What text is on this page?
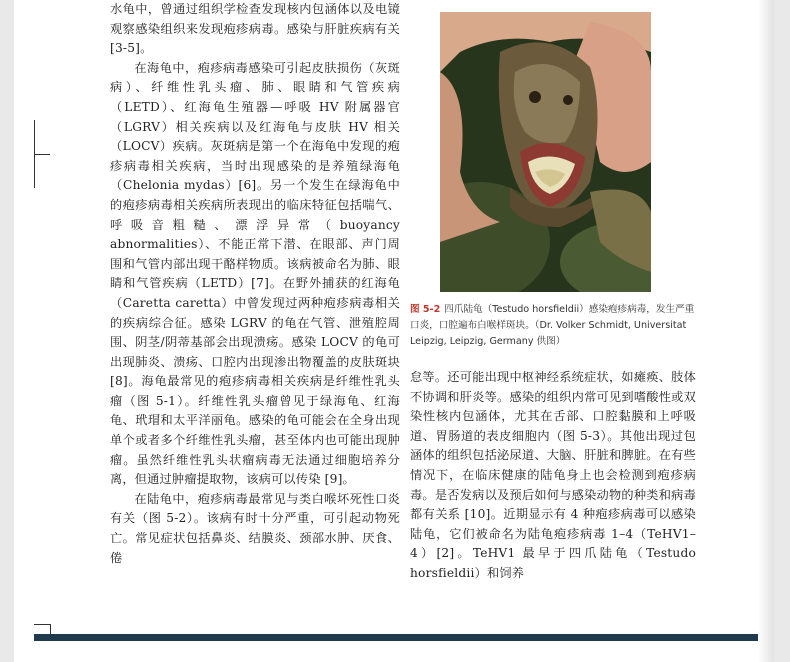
水龟中，曾通过组织学检查发现核内包涵体以及电镜观察感染组织来发现疱疹病毒。感染与肝脏疾病有关 [3-5]。

在海龟中，疱疹病毒感染可引起皮肤损伤（灰斑病）、纤维性乳头瘤、肺、眼睛和气管疾病（LETD）、红海龟生殖器—呼吸 HV 附属器官（LGRV）相关疾病以及红海龟与皮肤 HV 相关（LOCV）疾病。灰斑病是第一个在海龟中发现的疱疹病毒相关疾病，当时出现感染的是养殖绿海龟（Chelonia mydas）[6]。另一个发生在绿海龟中的疱疹病毒相关疾病所表现出的临床特征包括喘气、呼吸音粗糙、漂浮异常（buoyancy abnormalities）、不能正常下潜、在眼部、声门周围和气管内部出现干酪样物质。该病被命名为肺、眼睛和气管疾病（LETD）[7]。在野外捕获的红海龟（Caretta caretta）中曾发现过两种疱疹病毒相关的疾病综合征。感染 LGRV 的龟在气管、泄殖腔周围、阴茎/阴蒂基部会出现溃疡。感染 LOCV 的龟可出现肺炎、溃疡、口腔内出现渗出物覆盖的皮肤斑块 [8]。海龟最常见的疱疹病毒相关疾病是纤维性乳头瘤（图 5-1）。纤维性乳头瘤曾见于绿海龟、红海龟、玳瑁和太平洋丽龟。感染的龟可能会在全身出现单个或者多个纤维性乳头瘤，甚至体内也可能出现肿瘤。虽然纤维性乳头状瘤病毒无法通过细胞培养分离，但通过肿瘤提取物，该病可以传染 [9]。

在陆龟中，疱疹病毒最常见与类白喉坏死性口炎有关（图 5-2）。该病有时十分严重，可引起动物死亡。常见症状包括鼻炎、结膜炎、颈部水肿、厌食、倦

图 5-2 四爪陆龟（Testudo horsfieldii）感染疱疹病毒，发生严重口炎，口腔遍布白喉样斑块。（Dr. Volker Schmidt, Universitat Leipzig, Leipzig, Germany 供图）

怠等。还可能出现中枢神经系统症状，如瘫痪、肢体不协调和肝炎等。感染的组织内常可见到嗜酸性或双染性核内包涵体，尤其在舌部、口腔黏膜和上呼吸道、胃肠道的表皮细胞内（图 5-3）。其他出现过包涵体的组织包括泌尿道、大脑、肝脏和脾脏。在有些情况下，在临床健康的陆龟身上也会检测到疱疹病毒。是否发病以及预后如何与感染动物的种类和病毒都有关系 [10]。近期显示有 4 种疱疹病毒可以感染陆龟，它们被命名为陆龟疱疹病毒 1–4（TeHV1–4）[2]。TeHV1 最早于四爪陆龟（Testudo horsfieldii）和饲养
